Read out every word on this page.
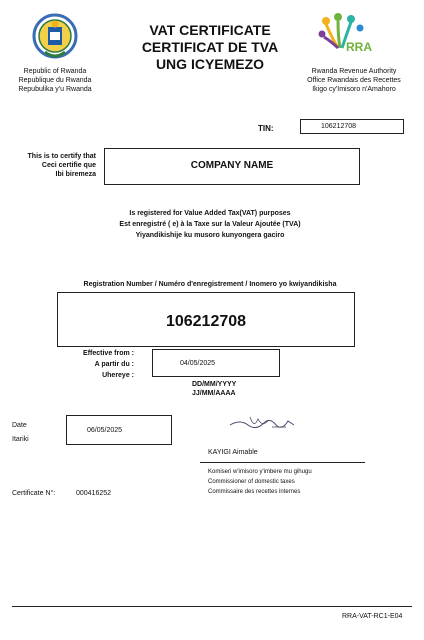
Republic of Rwanda
Republique du Rwanda
Repubulika y'u Rwanda
VAT CERTIFICATE
CERTIFICAT DE TVA
UNG ICYEMEZO
RRA
Rwanda Revenue Authority
Office Rwandais des Recettes
Ikigo cy'Imisoro n'Amahoro
TIN:	106212708
This is to certify that
Ceci certifie que
Ibi biremeza
COMPANY NAME
Is registered for Value Added Tax(VAT) purposes
Est enregistré ( e) à la Taxe sur la Valeur Ajoutée (TVA)
Yiyandikishije ku musoro kunyongera gaciro
Registration Number / Numéro d'enregistrement / Inomero yo kwiyandikisha
106212708
Effective from :
A partir du :
Uhereye :
04/05/2025
DD/MM/YYYY
JJ/MM/AAAA
Date
Itariki
06/05/2025
KAYIGI Aimable
Komiseri w'imisoro y'imbere mu gihugu
Commissioner of domestic taxes
Commissaire des recettes internes
Certificate N°:	000416252
RRA-VAT-RC1-E04
